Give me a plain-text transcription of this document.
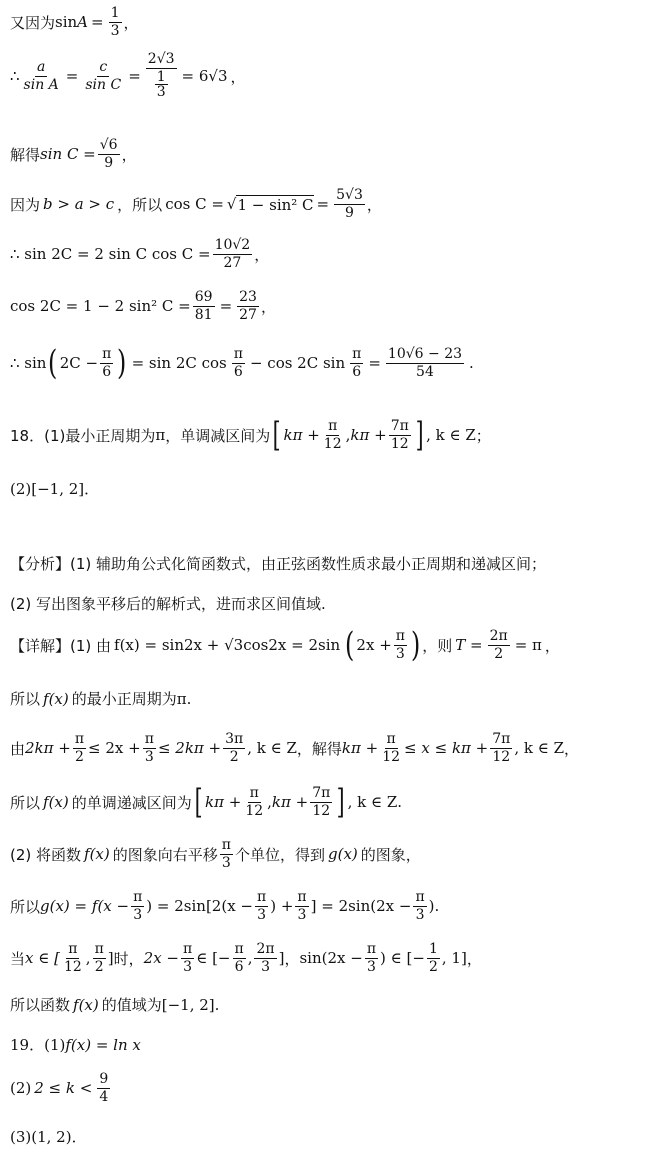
又因为 $\sin A = \frac{1}{3}$ ，
∴ $\frac{a}{\text{sin A}} = \frac{c}{\text{sin C}} = 2√3$
1
3 = 6√3 ，
解得 $\sin C = \frac{√6}{9}$ ，
因为 b > a > c ，所以 cos C = √ 1 − sin² $C = \frac{5√3}{9}$ ，
∴ sin 2C = 2 sin C $\cos C = \frac{10√2}{27}$ ，
cos 2C = 1 − 2 sin² $C = \frac{69}{81} = \frac{23}{27}$ ，
∴ sin ( $2C - \frac{\pi}{6}$ ) = sin 2C $\cos \frac{\pi}{6} - \cos 2C$ $\sin \frac{\pi}{6} = \frac{10√6 - 23}{54}$ .
18．(1)最小正周期为 π ，单调减区间为 [ $k\pi + \frac{\pi}{12}$ , $k\pi + \frac{7\pi}{12}$ ] , k ∈ Z ；
(2)[−1, 2]．
【分析】(1) 辅助角公式化简函数式，由正弦函数性质求最小正周期和递减区间；
(2) 写出图象平移后的解析式，进而求区间值域.
【详解】(1) 由 f(x) = sin2x + √3cos2x = 2sin ( $2x + \frac{\pi}{3}$ ) ，则 $T = \frac{2\pi}{2} = \pi$ ，
所以 f(x) 的最小正周期为 π .
由 $2k\pi + \frac{\pi}{2} \le 2x + \frac{\pi}{3} \le 2k\pi + \frac{3\pi}{2}$ , k ∈ Z ，解得 $k\pi + \frac{\pi}{12} \le x \le k\pi + \frac{7\pi}{12}$ , k ∈ Z ，
所以 f(x) 的单调递减区间为 [ $k\pi + \frac{\pi}{12}$ , $k\pi + \frac{7\pi}{12}$ ] , k ∈ Z .
(2) 将函数 f(x) 的图象向右平移 $\frac{\pi}{3}$ 个单位，得到 g(x) 的图象，
所以 $g(x) = f(x - \frac{\pi}{3}$ ) = $2\sin[2(x - \frac{\pi}{3}$ ) + $\frac{\pi}{3}$ ] = $2\sin(2x - \frac{\pi}{3}$ ) .
当 x ∈ [ $\frac{\pi}{12}$ , $\frac{\pi}{2}$ ] 时， $2x - \frac{\pi}{3}$ ∈ [− $\frac{\pi}{6}$ , $\frac{2\pi}{3}$ ] ， $\sin(2x - \frac{\pi}{3}$ ) ∈ [− $\frac{1}{2}$ , 1] ，
所以函数 f(x) 的值域为 [−1, 2] .
19．(1) f(x) = ln x
(2) $2 \le k < \frac{9}{4}$
(3)(1, 2) ．
